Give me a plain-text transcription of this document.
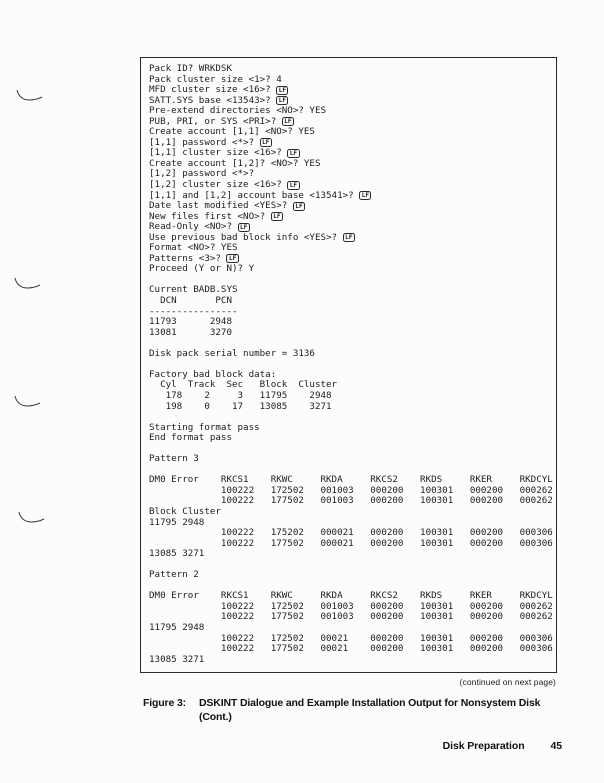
Pack ID? WRKDSK
Pack cluster size <1>? 4
MFD cluster size <16>? LF
SATT.SYS base <13543>? LF
Pre-extend directories <NO>? YES
PUB, PRI, or SYS <PRI>? LF
Create account [1,1] <NO>? YES
[1,1] password <*>? LF
[1,1] cluster size <16>? LF
Create account [1,2]? <NO>? YES
[1,2] password <*>?
[1,2] cluster size <16>? LF
[1,1] and [1,2] account base <13541>? LF
Date last modified <YES>? LF
New files first <NO>? LF
Read-Only <NO>? LF
Use previous bad block info <YES>? LF
Format <NO>? YES
Patterns <3>? LF
Proceed (Y or N)? Y

Current BADB.SYS
DCN       PCN
----------------
11793      2948
13081      3270

Disk pack serial number = 3136

Factory bad block data:
Cyl  Track  Sec   Block  Cluster
178    2     3   11795    2948
198    0    17   13085    3271

Starting format pass
End format pass

Pattern 3

DM0 Error    RKCS1    RKWC     RKDA     RKCS2    RKDS     RKER     RKDCYL
100222   172502   001003   000200   100301   000200   000262
100222   177502   001003   000200   100301   000200   000262
Block Cluster
11795 2948
100222   175202   000021   000200   100301   000200   000306
100222   177502   000021   000200   100301   000200   000306
13085 3271

Pattern 2

DM0 Error    RKCS1    RKWC     RKDA     RKCS2    RKDS     RKER     RKDCYL
100222   172502   001003   000200   100301   000200   000262
100222   177502   001003   000200   100301   000200   000262
11795 2948
100222   172502   00021    000200   100301   000200   000306
100222   177502   00021    000200   100301   000200   000306
13085 3271
(continued on next page)
Figure 3: DSKINT Dialogue and Example Installation Output for Nonsystem Disk
(Cont.)
Disk Preparation 45
